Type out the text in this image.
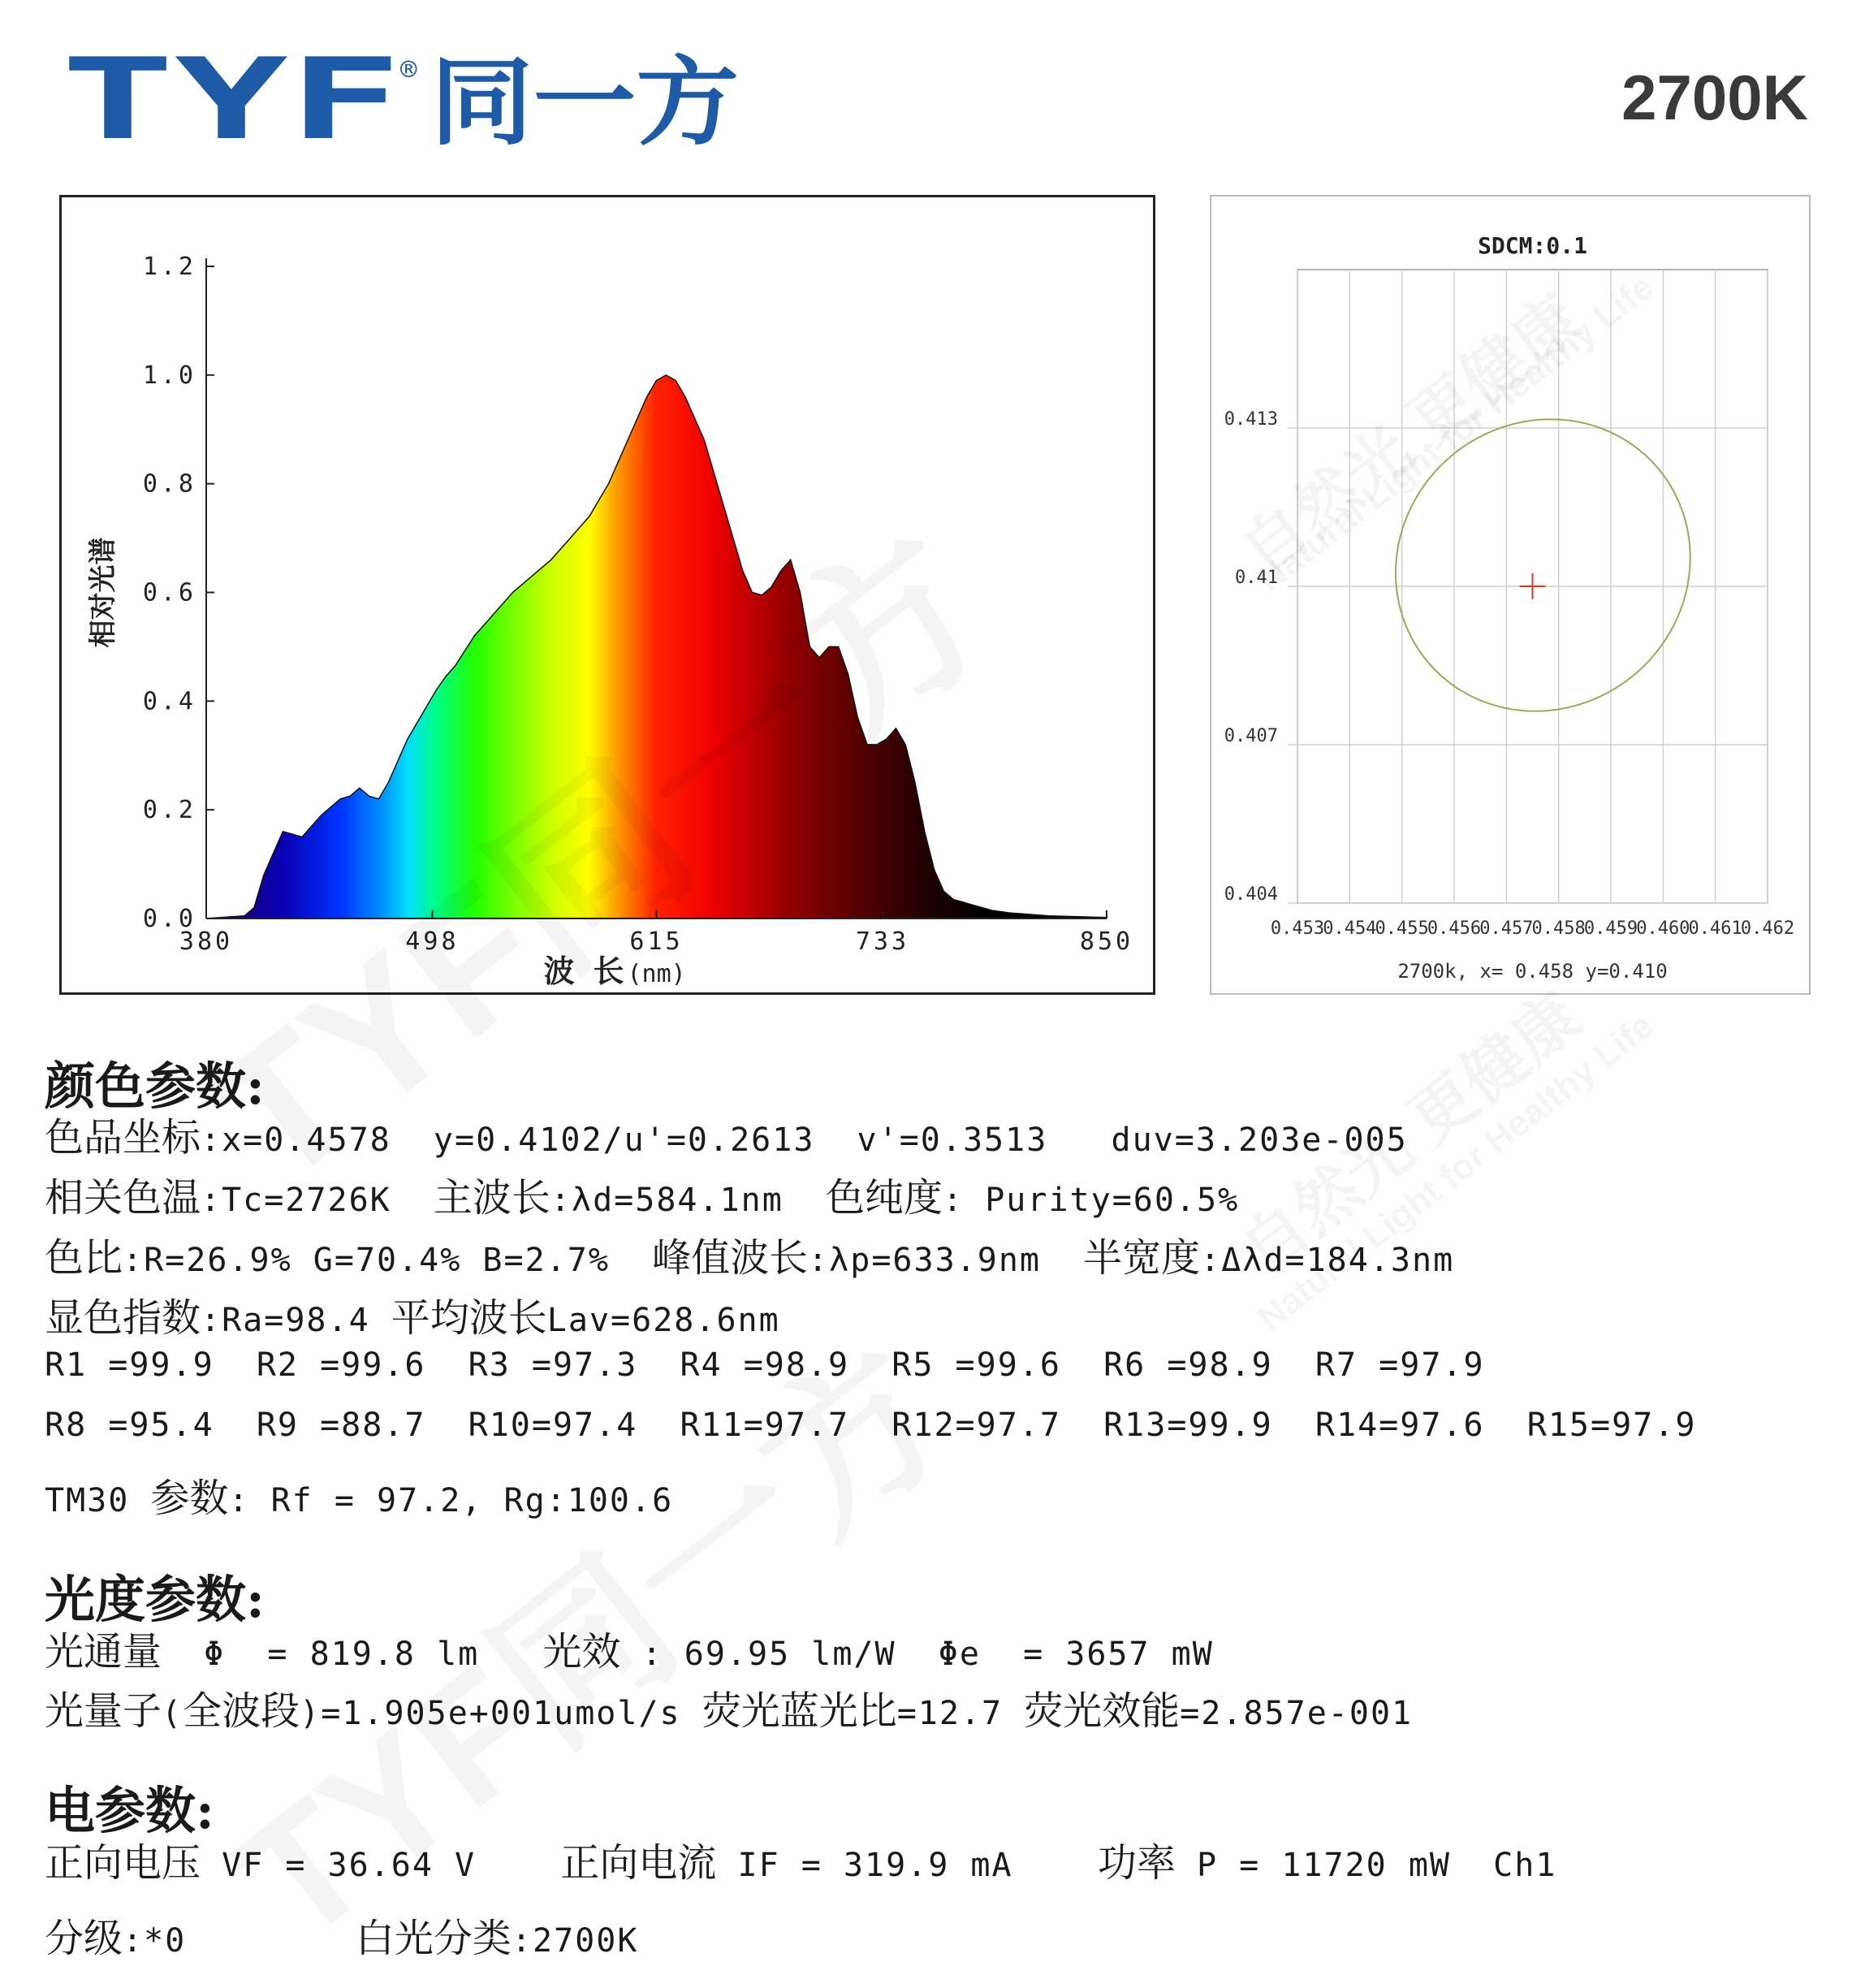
TYF
® 同一方	2700K
0.0
0.2
0.4
0.6
0.8
1.0
1.2
380	498	615	733	850
相对光谱
波 长 (nm)
0.453
0.454
0.455
0.456
0.457
0.458
0.459
0.460
0.461
0.462
0.404
0.407
0.41
0.413
SDCM:0.1
2700k, x= 0.458 y=0.410
颜色参数:
色品坐标:x=0.4578  y=0.4102/u'=0.2613  v'=0.3513   duv=3.203e-005
相关色温:Tc=2726K  主波长:λd=584.1nm  色纯度: Purity=60.5%
色比:R=26.9% G=70.4% B=2.7%  峰值波长:λp=633.9nm  半宽度:Δλd=184.3nm
显色指数:Ra=98.4 平均波长Lav=628.6nm
R1 =99.9  R2 =99.6  R3 =97.3  R4 =98.9  R5 =99.6  R6 =98.9  R7 =97.9
R8 =95.4  R9 =88.7  R10=97.4  R11=97.7  R12=97.7  R13=99.9  R14=97.6  R15=97.9
TM30 参数: Rf = 97.2, Rg:100.6
光度参数:
光通量  Φ  = 819.8 lm   光效 : 69.95 lm/W  Φe  = 3657 mW
光量子(全波段)=1.905e+001umol/s 荧光蓝光比=12.7 荧光效能=2.857e-001
电参数:
正向电压 VF = 36.64 V    正向电流 IF = 319.9 mA    功率 P = 11720 mW  Ch1
分级:*0        白光分类:2700K
